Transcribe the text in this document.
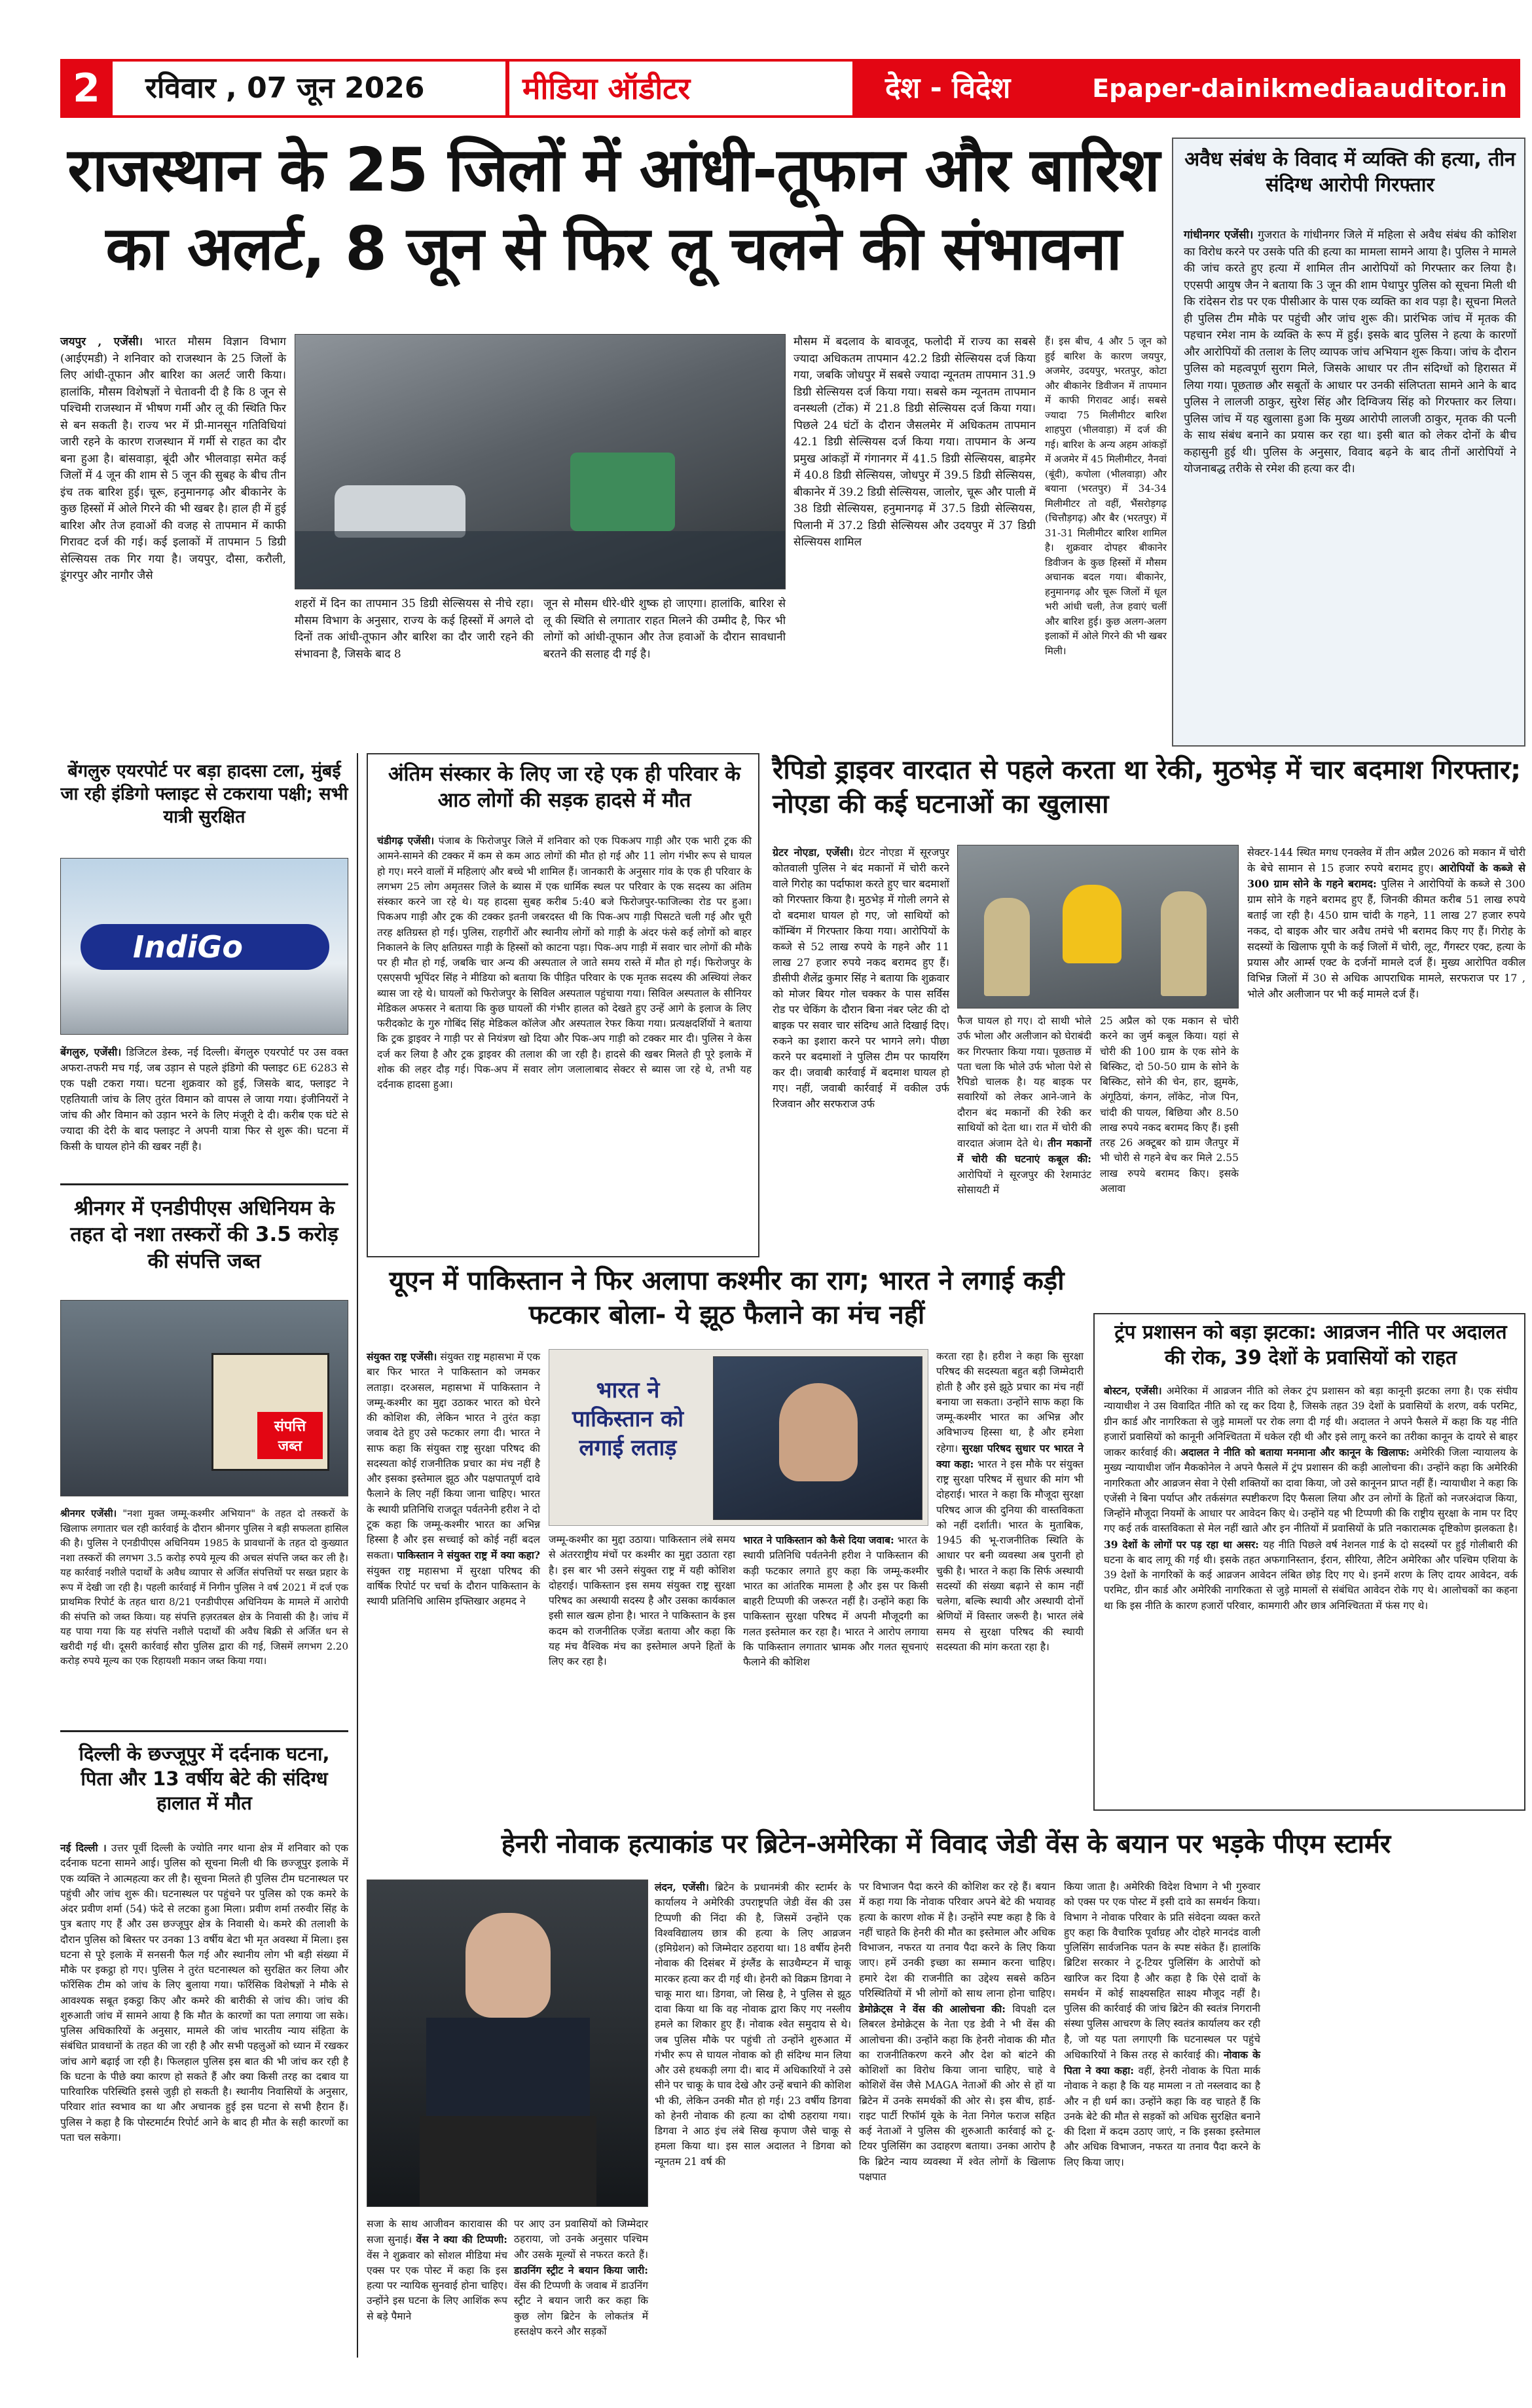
2	रविवार , 07 जून 2026	मीडिया ऑडीटर	देश - विदेश	Epaper-dainikmediaauditor.in
राजस्थान के 25 जिलों में आंधी-तूफान और बारिश का अलर्ट, 8 जून से फिर लू चलने की संभावना
जयपुर , एजेंसी। भारत मौसम विज्ञान विभाग (आईएमडी) ने शनिवार को राजस्थान के 25 जिलों के लिए आंधी-तूफान और बारिश का अलर्ट जारी किया। हालांकि, मौसम विशेषज्ञों ने चेतावनी दी है कि 8 जून से पश्चिमी राजस्थान में भीषण गर्मी और लू की स्थिति फिर से बन सकती है। राज्य भर में प्री-मानसून गतिविधियां जारी रहने के कारण राजस्थान में गर्मी से राहत का दौर बना हुआ है। बांसवाड़ा, बूंदी और भीलवाड़ा समेत कई जिलों में 4 जून की शाम से 5 जून की सुबह के बीच तीन इंच तक बारिश हुई। चूरू, हनुमानगढ़ और बीकानेर के कुछ हिस्सों में ओले गिरने की भी खबर है। हाल ही में हुई बारिश और तेज हवाओं की वजह से तापमान में काफी गिरावट दर्ज की गई। कई इलाकों में तापमान 5 डिग्री सेल्सियस तक गिर गया है। जयपुर, दौसा, करौली, डूंगरपुर और नागौर जैसे
शहरों में दिन का तापमान 35 डिग्री सेल्सियस से नीचे रहा। मौसम विभाग के अनुसार, राज्य के कई हिस्सों में अगले दो दिनों तक आंधी-तूफान और बारिश का दौर जारी रहने की संभावना है, जिसके बाद 8
जून से मौसम धीरे-धीरे शुष्क हो जाएगा। हालांकि, बारिश से लू की स्थिति से लगातार राहत मिलने की उम्मीद है, फिर भी लोगों को आंधी-तूफान और तेज हवाओं के दौरान सावधानी बरतने की सलाह दी गई है।
मौसम में बदलाव के बावजूद, फलोदी में राज्य का सबसे ज्यादा अधिकतम तापमान 42.2 डिग्री सेल्सियस दर्ज किया गया, जबकि जोधपुर में सबसे ज्यादा न्यूनतम तापमान 31.9 डिग्री सेल्सियस दर्ज किया गया। सबसे कम न्यूनतम तापमान वनस्थली (टोंक) में 21.8 डिग्री सेल्सियस दर्ज किया गया। पिछले 24 घंटों के दौरान जैसलमेर में अधिकतम तापमान 42.1 डिग्री सेल्सियस दर्ज किया गया। तापमान के अन्य प्रमुख आंकड़ों में गंगानगर में 41.5 डिग्री सेल्सियस, बाड़मेर में 40.8 डिग्री सेल्सियस, जोधपुर में 39.5 डिग्री सेल्सियस, बीकानेर में 39.2 डिग्री सेल्सियस, जालोर, चूरू और पाली में 38 डिग्री सेल्सियस, हनुमानगढ़ में 37.5 डिग्री सेल्सियस, पिलानी में 37.2 डिग्री सेल्सियस और उदयपुर में 37 डिग्री सेल्सियस शामिल
हैं। इस बीच, 4 और 5 जून को हुई बारिश के कारण जयपुर, अजमेर, उदयपुर, भरतपुर, कोटा और बीकानेर डिवीजन में तापमान में काफी गिरावट आई। सबसे ज्यादा 75 मिलीमीटर बारिश शाहपुरा (भीलवाड़ा) में दर्ज की गई। बारिश के अन्य अहम आंकड़ों में अजमेर में 45 मिलीमीटर, नैनवां (बूंदी), कपोला (भीलवाड़ा) और बयाना (भरतपुर) में 34-34 मिलीमीटर तो वहीं, भैंसरोड़गढ़ (चित्तौड़गढ़) और बैर (भरतपुर) में 31-31 मिलीमीटर बारिश शामिल है। शुक्रवार दोपहर बीकानेर डिवीजन के कुछ हिस्सों में मौसम अचानक बदल गया। बीकानेर, हनुमानगढ़ और चूरू जिलों में धूल भरी आंधी चली, तेज हवाएं चलीं और बारिश हुई। कुछ अलग-अलग इलाकों में ओले गिरने की भी खबर मिली।
अवैध संबंध के विवाद में व्यक्ति की हत्या, तीन संदिग्ध आरोपी गिरफ्तार
गांधीनगर एजेंसी। गुजरात के गांधीनगर जिले में महिला से अवैध संबंध की कोशिश का विरोध करने पर उसके पति की हत्या का मामला सामने आया है। पुलिस ने मामले की जांच करते हुए हत्या में शामिल तीन आरोपियों को गिरफ्तार कर लिया है। एएसपी आयुष जैन ने बताया कि 3 जून की शाम पेथापुर पुलिस को सूचना मिली थी कि रांदेसन रोड पर एक पीसीआर के पास एक व्यक्ति का शव पड़ा है। सूचना मिलते ही पुलिस टीम मौके पर पहुंची और जांच शुरू की। प्रारंभिक जांच में मृतक की पहचान रमेश नाम के व्यक्ति के रूप में हुई। इसके बाद पुलिस ने हत्या के कारणों और आरोपियों की तलाश के लिए व्यापक जांच अभियान शुरू किया। जांच के दौरान पुलिस को महत्वपूर्ण सुराग मिले, जिसके आधार पर तीन संदिग्धों को हिरासत में लिया गया। पूछताछ और सबूतों के आधार पर उनकी संलिप्तता सामने आने के बाद पुलिस ने लालजी ठाकुर, सुरेश सिंह और दिग्विजय सिंह को गिरफ्तार कर लिया। पुलिस जांच में यह खुलासा हुआ कि मुख्य आरोपी लालजी ठाकुर, मृतक की पत्नी के साथ संबंध बनाने का प्रयास कर रहा था। इसी बात को लेकर दोनों के बीच कहासुनी हुई थी। पुलिस के अनुसार, विवाद बढ़ने के बाद तीनों आरोपियों ने योजनाबद्ध तरीके से रमेश की हत्या कर दी।
बेंगलुरु एयरपोर्ट पर बड़ा हादसा टला, मुंबई जा रही इंडिगो फ्लाइट से टकराया पक्षी; सभी यात्री सुरक्षित
IndiGo
बेंगलुरु, एजेंसी। डिजिटल डेस्क, नई दिल्ली। बेंगलुरु एयरपोर्ट पर उस वक्त अफरा-तफरी मच गई, जब उड़ान से पहले इंडिगो की फ्लाइट 6E 6283 से एक पक्षी टकरा गया। घटना शुक्रवार को हुई, जिसके बाद, फ्लाइट ने एहतियाती जांच के लिए तुरंत विमान को वापस ले जाया गया। इंजीनियरों ने जांच की और विमान को उड़ान भरने के लिए मंजूरी दे दी। करीब एक घंटे से ज्यादा की देरी के बाद फ्लाइट ने अपनी यात्रा फिर से शुरू की। घटना में किसी के घायल होने की खबर नहीं है।
श्रीनगर में एनडीपीएस अधिनियम के तहत दो नशा तस्करों की 3.5 करोड़ की संपत्ति जब्त
संपत्ति जब्त
श्रीनगर एजेंसी। "नशा मुक्त जम्मू-कश्मीर अभियान" के तहत दो तस्करों के खिलाफ लगातार चल रही कार्रवाई के दौरान श्रीनगर पुलिस ने बड़ी सफलता हासिल की है। पुलिस ने एनडीपीएस अधिनियम 1985 के प्रावधानों के तहत दो कुख्यात नशा तस्करों की लगभग 3.5 करोड़ रुपये मूल्य की अचल संपत्ति जब्त कर ली है। यह कार्रवाई नशीले पदार्थों के अवैध व्यापार से अर्जित संपत्तियों पर सख्त प्रहार के रूप में देखी जा रही है। पहली कार्रवाई में निगीन पुलिस ने वर्ष 2021 में दर्ज एक प्राथमिक रिपोर्ट के तहत धारा 8/21 एनडीपीएस अधिनियम के मामले में आरोपी की संपत्ति को जब्त किया। यह संपत्ति हज़रतबल क्षेत्र के निवासी की है। जांच में यह पाया गया कि यह संपत्ति नशीले पदार्थों की अवैध बिक्री से अर्जित धन से खरीदी गई थी। दूसरी कार्रवाई सौरा पुलिस द्वारा की गई, जिसमें लगभग 2.20 करोड़ रुपये मूल्य का एक रिहायशी मकान जब्त किया गया।
दिल्ली के छज्जूपुर में दर्दनाक घटना, पिता और 13 वर्षीय बेटे की संदिग्ध हालात में मौत
नई दिल्ली । उत्तर पूर्वी दिल्ली के ज्योति नगर थाना क्षेत्र में शनिवार को एक दर्दनाक घटना सामने आई। पुलिस को सूचना मिली थी कि छज्जूपुर इलाके में एक व्यक्ति ने आत्महत्या कर ली है। सूचना मिलते ही पुलिस टीम घटनास्थल पर पहुंची और जांच शुरू की। घटनास्थल पर पहुंचने पर पुलिस को एक कमरे के अंदर प्रवीण शर्मा (54) फंदे से लटका हुआ मिला। प्रवीण शर्मा तरुवीर सिंह के पुत्र बताए गए हैं और उस छज्जूपुर क्षेत्र के निवासी थे। कमरे की तलाशी के दौरान पुलिस को बिस्तर पर उनका 13 वर्षीय बेटा भी मृत अवस्था में मिला। इस घटना से पूरे इलाके में सनसनी फैल गई और स्थानीय लोग भी बड़ी संख्या में मौके पर इकट्ठा हो गए। पुलिस ने तुरंत घटनास्थल को सुरक्षित कर लिया और फॉरेंसिक टीम को जांच के लिए बुलाया गया। फॉरेंसिक विशेषज्ञों ने मौके से आवश्यक सबूत इकट्ठा किए और कमरे की बारीकी से जांच की। जांच की शुरुआती जांच में सामने आया है कि मौत के कारणों का पता लगाया जा सके। पुलिस अधिकारियों के अनुसार, मामले की जांच भारतीय न्याय संहिता के संबंधित प्रावधानों के तहत की जा रही है और सभी पहलुओं को ध्यान में रखकर जांच आगे बढ़ाई जा रही है। फिलहाल पुलिस इस बात की भी जांच कर रही है कि घटना के पीछे क्या कारण हो सकते हैं और क्या किसी तरह का दबाव या पारिवारिक परिस्थिति इससे जुड़ी हो सकती है। स्थानीय निवासियों के अनुसार, परिवार शांत स्वभाव का था और अचानक हुई इस घटना से सभी हैरान हैं। पुलिस ने कहा है कि पोस्टमार्टम रिपोर्ट आने के बाद ही मौत के सही कारणों का पता चल सकेगा।
अंतिम संस्कार के लिए जा रहे एक ही परिवार के आठ लोगों की सड़क हादसे में मौत
चंडीगढ़ एजेंसी। पंजाब के फिरोजपुर जिले में शनिवार को एक पिकअप गाड़ी और एक भारी ट्रक की आमने-सामने की टक्कर में कम से कम आठ लोगों की मौत हो गई और 11 लोग गंभीर रूप से घायल हो गए। मरने वालों में महिलाएं और बच्चे भी शामिल हैं। जानकारी के अनुसार गांव के एक ही परिवार के लगभग 25 लोग अमृतसर जिले के ब्यास में एक धार्मिक स्थल पर परिवार के एक सदस्य का अंतिम संस्कार करने जा रहे थे। यह हादसा सुबह करीब 5:40 बजे फिरोजपुर-फाजिल्का रोड पर हुआ। पिकअप गाड़ी और ट्रक की टक्कर इतनी जबरदस्त थी कि पिक-अप गाड़ी पिसटते चली गई और चूरी तरह क्षतिग्रस्त हो गई। पुलिस, राहगीरों और स्थानीय लोगों को गाड़ी के अंदर फंसे कई लोगों को बाहर निकालने के लिए क्षतिग्रस्त गाड़ी के हिस्सों को काटना पड़ा। पिक-अप गाड़ी में सवार चार लोगों की मौके पर ही मौत हो गई, जबकि चार अन्य की अस्पताल ले जाते समय रास्ते में मौत हो गई। फिरोजपुर के एसएसपी भूपिंदर सिंह ने मीडिया को बताया कि पीड़ित परिवार के एक मृतक सदस्य की अस्थियां लेकर ब्यास जा रहे थे। घायलों को फिरोजपुर के सिविल अस्पताल पहुंचाया गया। सिविल अस्पताल के सीनियर मेडिकल अफसर ने बताया कि कुछ घायलों की गंभीर हालत को देखते हुए उन्हें आगे के इलाज के लिए फरीदकोट के गुरु गोबिंद सिंह मेडिकल कॉलेज और अस्पताल रेफर किया गया। प्रत्यक्षदर्शियों ने बताया कि ट्रक ड्राइवर ने गाड़ी पर से नियंत्रण खो दिया और पिक-अप गाड़ी को टक्कर मार दी। पुलिस ने केस दर्ज कर लिया है और ट्रक ड्राइवर की तलाश की जा रही है। हादसे की खबर मिलते ही पूरे इलाके में शोक की लहर दौड़ गई। पिक-अप में सवार लोग जलालाबाद सेक्टर से ब्यास जा रहे थे, तभी यह दर्दनाक हादसा हुआ।
रैपिडो ड्राइवर वारदात से पहले करता था रेकी, मुठभेड़ में चार बदमाश गिरफ्तार; नोएडा की कई घटनाओं का खुलासा
ग्रेटर नोएडा, एजेंसी। ग्रेटर नोएडा में सूरजपुर कोतवाली पुलिस ने बंद मकानों में चोरी करने वाले गिरोह का पर्दाफाश करते हुए चार बदमाशों को गिरफ्तार किया है। मुठभेड़ में गोली लगने से दो बदमाश घायल हो गए, जो साथियों को कॉम्बिंग में गिरफ्तार किया गया। आरोपियों के कब्जे से 52 लाख रुपये के गहने और 11 लाख 27 हजार रुपये नकद बरामद हुए हैं। डीसीपी शैलेंद्र कुमार सिंह ने बताया कि शुक्रवार को मोजर बियर गोल चक्कर के पास सर्विस रोड पर चेकिंग के दौरान बिना नंबर प्लेट की दो बाइक पर सवार चार संदिग्ध आते दिखाई दिए। रुकने का इशारा करने पर भागने लगे। पीछा करने पर बदमाशों ने पुलिस टीम पर फायरिंग कर दी। जवाबी कार्रवाई में बदमाश घायल हो गए। नहीं, जवाबी कार्रवाई में वकील उर्फ रिजवान और सरफराज उर्फ
फैज घायल हो गए। दो साथी भोले उर्फ भोला और अलीजान को घेराबंदी कर गिरफ्तार किया गया। पूछताछ में पता चला कि भोले उर्फ भोला पेशे से रैपिडो चालक है। यह बाइक पर सवारियों को लेकर आने-जाने के दौरान बंद मकानों की रेकी कर साथियों को देता था। रात में चोरी की वारदात अंजाम देते थे। तीन मकानों में चोरी की घटनाएं कबूल की: आरोपियों ने सूरजपुर की रेशमाउंट सोसायटी में
25 अप्रैल को एक मकान से चोरी करने का जुर्म कबूल किया। यहां से चोरी की 100 ग्राम के एक सोने के बिस्किट, दो 50-50 ग्राम के सोने के बिस्किट, सोने की चेन, हार, झुमके, अंगूठियां, कंगन, लॉकेट, नोज पिन, चांदी की पायल, बिछिया और 8.50 लाख रुपये नकद बरामद किए हैं। इसी तरह 26 अक्टूबर को ग्राम जैतपुर में भी चोरी से गहने बेच कर मिले 2.55 लाख रुपये बरामद किए। इसके अलावा
सेक्टर-144 स्थित मगध एनक्लेव में तीन अप्रैल 2026 को मकान में चोरी के बेचे सामान से 15 हजार रुपये बरामद हुए। आरोपियों के कब्जे से 300 ग्राम सोने के गहने बरामद: पुलिस ने आरोपियों के कब्जे से 300 ग्राम सोने के गहने बरामद हुए हैं, जिनकी कीमत करीब 51 लाख रुपये बताई जा रही है। 450 ग्राम चांदी के गहने, 11 लाख 27 हजार रुपये नकद, दो बाइक और चार अवैध तमंचे भी बरामद किए गए हैं। गिरोह के सदस्यों के खिलाफ यूपी के कई जिलों में चोरी, लूट, गैंगस्टर एक्ट, हत्या के प्रयास और आर्म्स एक्ट के दर्जनों मामले दर्ज हैं। मुख्य आरोपित वकील विभिन्न जिलों में 30 से अधिक आपराधिक मामले, सरफराज पर 17 , भोले और अलीजान पर भी कई मामले दर्ज हैं।
यूएन में पाकिस्तान ने फिर अलापा कश्मीर का राग; भारत ने लगाई कड़ी फटकार बोला- ये झूठ फैलाने का मंच नहीं
संयुक्त राष्ट्र एजेंसी। संयुक्त राष्ट्र महासभा में एक बार फिर भारत ने पाकिस्तान को जमकर लताड़ा। दरअसल, महासभा में पाकिस्तान ने जम्मू-कश्मीर का मुद्दा उठाकर भारत को घेरने की कोशिश की, लेकिन भारत ने तुरंत कड़ा जवाब देते हुए उसे फटकार लगा दी। भारत ने साफ कहा कि संयुक्त राष्ट्र सुरक्षा परिषद की सदस्यता कोई राजनीतिक प्रचार का मंच नहीं है और इसका इस्तेमाल झूठ और पक्षपातपूर्ण दावे फैलाने के लिए नहीं किया जाना चाहिए। भारत के स्थायी प्रतिनिधि राजदूत पर्वतनेनी हरीश ने दो टूक कहा कि जम्मू-कश्मीर भारत का अभिन्न हिस्सा है और इस सच्चाई को कोई नहीं बदल सकता। पाकिस्तान ने संयुक्त राष्ट्र में क्या कहा? संयुक्त राष्ट्र महासभा में सुरक्षा परिषद की वार्षिक रिपोर्ट पर चर्चा के दौरान पाकिस्तान के स्थायी प्रतिनिधि आसिम इफ्तिखार अहमद ने
भारत ने पाकिस्तान को लगाई लताड़
जम्मू-कश्मीर का मुद्दा उठाया। पाकिस्तान लंबे समय से अंतरराष्ट्रीय मंचों पर कश्मीर का मुद्दा उठाता रहा है। इस बार भी उसने संयुक्त राष्ट्र में यही कोशिश दोहराई। पाकिस्तान इस समय संयुक्त राष्ट्र सुरक्षा परिषद का अस्थायी सदस्य है और उसका कार्यकाल इसी साल खत्म होना है। भारत ने पाकिस्तान के इस कदम को राजनीतिक एजेंडा बताया और कहा कि यह मंच वैश्विक मंच का इस्तेमाल अपने हितों के लिए कर रहा है।
भारत ने पाकिस्तान को कैसे दिया जवाब: भारत के स्थायी प्रतिनिधि पर्वतनेनी हरीश ने पाकिस्तान की कड़ी फटकार लगाते हुए कहा कि जम्मू-कश्मीर भारत का आंतरिक मामला है और इस पर किसी बाहरी टिप्पणी की जरूरत नहीं है। उन्होंने कहा कि पाकिस्तान सुरक्षा परिषद में अपनी मौजूदगी का गलत इस्तेमाल कर रहा है। भारत ने आरोप लगाया कि पाकिस्तान लगातार भ्रामक और गलत सूचनाएं फैलाने की कोशिश
करता रहा है। हरीश ने कहा कि सुरक्षा परिषद की सदस्यता बहुत बड़ी जिम्मेदारी होती है और इसे झूठे प्रचार का मंच नहीं बनाया जा सकता। उन्होंने साफ कहा कि जम्मू-कश्मीर भारत का अभिन्न और अविभाज्य हिस्सा था, है और हमेशा रहेगा। सुरक्षा परिषद सुधार पर भारत ने क्या कहा: भारत ने इस मौके पर संयुक्त राष्ट्र सुरक्षा परिषद में सुधार की मांग भी दोहराई। भारत ने कहा कि मौजूदा सुरक्षा परिषद आज की दुनिया की वास्तविकता को नहीं दर्शाती। भारत के मुताबिक, 1945 की भू-राजनीतिक स्थिति के आधार पर बनी व्यवस्था अब पुरानी हो चुकी है। भारत ने कहा कि सिर्फ अस्थायी सदस्यों की संख्या बढ़ाने से काम नहीं चलेगा, बल्कि स्थायी और अस्थायी दोनों श्रेणियों में विस्तार जरूरी है। भारत लंबे समय से सुरक्षा परिषद की स्थायी सदस्यता की मांग करता रहा है।
ट्रंप प्रशासन को बड़ा झटका: आव्रजन नीति पर अदालत की रोक, 39 देशों के प्रवासियों को राहत
बोस्टन, एजेंसी। अमेरिका में आव्रजन नीति को लेकर ट्रंप प्रशासन को बड़ा कानूनी झटका लगा है। एक संघीय न्यायाधीश ने उस विवादित नीति को रद्द कर दिया है, जिसके तहत 39 देशों के प्रवासियों के शरण, वर्क परमिट, ग्रीन कार्ड और नागरिकता से जुड़े मामलों पर रोक लगा दी गई थी। अदालत ने अपने फैसले में कहा कि यह नीति हजारों प्रवासियों को कानूनी अनिश्चितता में धकेल रही थी और इसे लागू करने का तरीका कानून के दायरे से बाहर जाकर कार्रवाई की। अदालत ने नीति को बताया मनमाना और कानून के खिलाफ: अमेरिकी जिला न्यायालय के मुख्य न्यायाधीश जॉन मैककोनेल ने अपने फैसले में ट्रंप प्रशासन की कड़ी आलोचना की। उन्होंने कहा कि अमेरिकी नागरिकता और आव्रजन सेवा ने ऐसी शक्तियों का दावा किया, जो उसे कानूनन प्राप्त नहीं हैं। न्यायाधीश ने कहा कि एजेंसी ने बिना पर्याप्त और तर्कसंगत स्पष्टीकरण दिए फैसला लिया और उन लोगों के हितों को नजरअंदाज किया, जिन्होंने मौजूदा नियमों के आधार पर आवेदन किए थे। उन्होंने यह भी टिप्पणी की कि राष्ट्रीय सुरक्षा के नाम पर दिए गए कई तर्क वास्तविकता से मेल नहीं खाते और इन नीतियों में प्रवासियों के प्रति नकारात्मक दृष्टिकोण झलकता है। 39 देशों के लोगों पर पड़ रहा था असर: यह नीति पिछले वर्ष नेशनल गार्ड के दो सदस्यों पर हुई गोलीबारी की घटना के बाद लागू की गई थी। इसके तहत अफगानिस्तान, ईरान, सीरिया, लैटिन अमेरिका और पश्चिम एशिया के 39 देशों के नागरिकों के कई आव्रजन आवेदन लंबित छोड़ दिए गए थे। इनमें शरण के लिए दायर आवेदन, वर्क परमिट, ग्रीन कार्ड और अमेरिकी नागरिकता से जुड़े मामलों से संबंधित आवेदन रोके गए थे। आलोचकों का कहना था कि इस नीति के कारण हजारों परिवार, कामगारी और छात्र अनिश्चितता में फंस गए थे।
हेनरी नोवाक हत्याकांड पर ब्रिटेन-अमेरिका में विवाद जेडी वेंस के बयान पर भड़के पीएम स्टार्मर
लंदन, एजेंसी। ब्रिटेन के प्रधानमंत्री कीर स्टार्मर के कार्यालय ने अमेरिकी उपराष्ट्रपति जेडी वेंस की उस टिप्पणी की निंदा की है, जिसमें उन्होंने एक विश्वविद्यालय छात्र की हत्या के लिए आव्रजन (इमिग्रेशन) को जिम्मेदार ठहराया था। 18 वर्षीय हेनरी नोवाक की दिसंबर में इंग्लैंड के साउथैम्प्टन में चाकू मारकर हत्या कर दी गई थी। हेनरी को विक्रम डिगवा ने चाकू मारा था। डिगवा, जो सिख है, ने पुलिस से झूठ दावा किया था कि वह नोवाक द्वारा किए गए नस्लीय हमले का शिकार हुए हैं। नोवाक श्वेत समुदाय से थे। जब पुलिस मौके पर पहुंची तो उन्होंने शुरुआत में गंभीर रूप से घायल नोवाक को ही संदिग्ध मान लिया और उसे हथकड़ी लगा दी। बाद में अधिकारियों ने उसे सीने पर चाकू के घाव देखे और उन्हें बचाने की कोशिश भी की, लेकिन उनकी मौत हो गई। 23 वर्षीय डिगवा को हेनरी नोवाक की हत्या का दोषी ठहराया गया। डिगवा ने आठ इंच लंबे सिख कृपाण जैसे चाकू से हमला किया था। इस साल अदालत ने डिगवा को न्यूनतम 21 वर्ष की
सजा के साथ आजीवन कारावास की सजा सुनाई। वेंस ने क्या की टिप्पणी: वेंस ने शुक्रवार को सोशल मीडिया मंच एक्स पर एक पोस्ट में कहा कि इस हत्या पर न्यायिक सुनवाई होना चाहिए। उन्होंने इस घटना के लिए आशिंक रूप से बड़े पैमाने
पर आए उन प्रवासियों को जिम्मेदार ठहराया, जो उनके अनुसार पश्चिम और उसके मूल्यों से नफरत करते हैं। डाउनिंग स्ट्रीट ने बयान किया जारी: वेंस की टिप्पणी के जवाब में डाउनिंग स्ट्रीट ने बयान जारी कर कहा कि कुछ लोग ब्रिटेन के लोकतंत्र में हस्तक्षेप करने और सड़कों
पर विभाजन पैदा करने की कोशिश कर रहे हैं। बयान में कहा गया कि नोवाक परिवार अपने बेटे की भयावह हत्या के कारण शोक में है। उन्होंने स्पष्ट कहा है कि वे नहीं चाहते कि हेनरी की मौत का इस्तेमाल और अधिक विभाजन, नफरत या तनाव पैदा करने के लिए किया जाए। हमें उनकी इच्छा का सम्मान करना चाहिए। हमारे देश की राजनीति का उद्देश्य सबसे कठिन परिस्थितियों में भी लोगों को साथ लाना होना चाहिए। डेमोक्रेट्स ने वेंस की आलोचना की: विपक्षी दल लिबरल डेमोक्रेट्स के नेता एड डेवी ने भी वेंस की आलोचना की। उन्होंने कहा कि हेनरी नोवाक की मौत का राजनीतिकरण करने और देश को बांटने की कोशिशों का विरोध किया जाना चाहिए, चाहे वे कोशिशें वेंस जैसे MAGA नेताओं की ओर से हों या ब्रिटेन में उनके समर्थकों की ओर से। इस बीच, हार्ड-राइट पार्टी रिफॉर्म यूके के नेता निगेल फराज सहित कई नेताओं ने पुलिस की शुरुआती कार्रवाई को टू-टियर पुलिसिंग का उदाहरण बताया। उनका आरोप है कि ब्रिटेन न्याय व्यवस्था में श्वेत लोगों के खिलाफ पक्षपात
किया जाता है। अमेरिकी विदेश विभाग ने भी गुरुवार को एक्स पर एक पोस्ट में इसी दावे का समर्थन किया। विभाग ने नोवाक परिवार के प्रति संवेदना व्यक्त करते हुए कहा कि वैचारिक पूर्वाग्रह और दोहरे मानदंड वाली पुलिसिंग सार्वजनिक पतन के स्पष्ट संकेत हैं। हालांकि ब्रिटिश सरकार ने टू-टियर पुलिसिंग के आरोपों को खारिज कर दिया है और कहा है कि ऐसे दावों के समर्थन में कोई साक्ष्यसहित साक्ष्य मौजूद नहीं है। पुलिस की कार्रवाई की जांच ब्रिटेन की स्वतंत्र निगरानी संस्था पुलिस आचरण के लिए स्वतंत्र कार्यालय कर रही है, जो यह पता लगाएगी कि घटनास्थल पर पहुंचे अधिकारियों ने किस तरह से कार्रवाई की। नोवाक के पिता ने क्या कहा: वहीं, हेनरी नोवाक के पिता मार्क नोवाक ने कहा है कि यह मामला न तो नस्लवाद का है और न ही धर्म का। उन्होंने कहा कि वह चाहते हैं कि उनके बेटे की मौत से सड़कों को अधिक सुरक्षित बनाने की दिशा में कदम उठाए जाएं, न कि इसका इस्तेमाल और अधिक विभाजन, नफरत या तनाव पैदा करने के लिए किया जाए।
